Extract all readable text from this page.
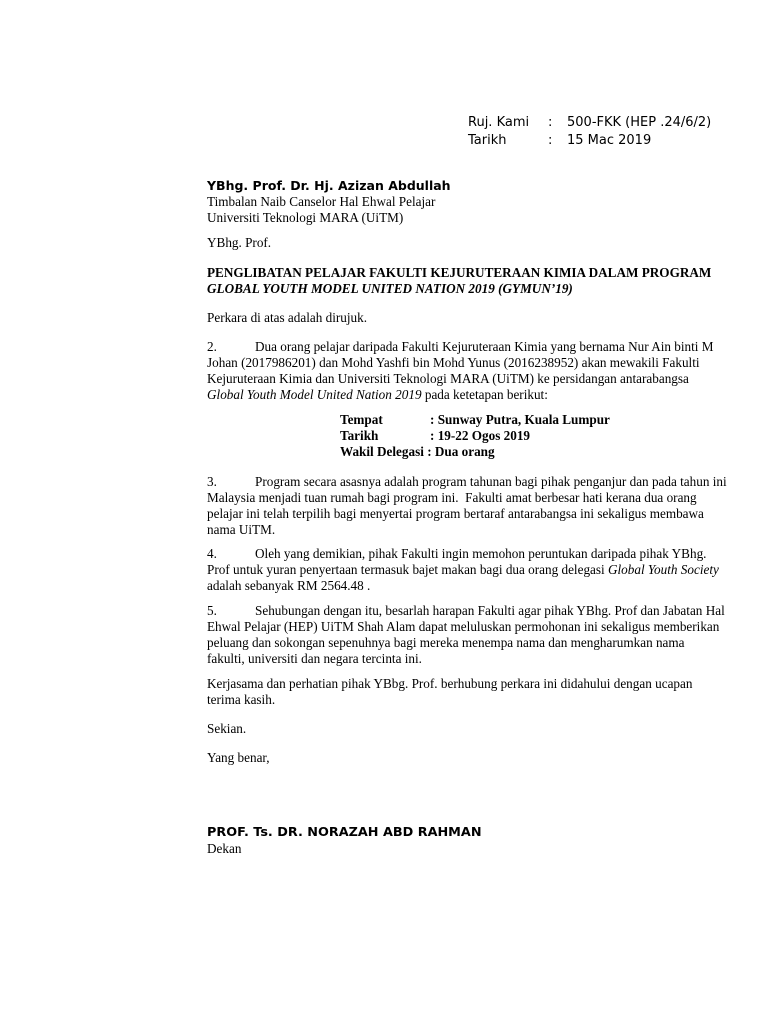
Ruj. Kami	:	500-FKK (HEP .24/6/2)
Tarikh	:	15 Mac 2019
YBhg. Prof. Dr. Hj. Azizan Abdullah
Timbalan Naib Canselor Hal Ehwal Pelajar
Universiti Teknologi MARA (UiTM)
YBhg. Prof.
PENGLIBATAN PELAJAR FAKULTI KEJURUTERAAN KIMIA DALAM PROGRAM
GLOBAL YOUTH MODEL UNITED NATION 2019 (GYMUN’19)
Perkara di atas adalah dirujuk.
2.	Dua orang pelajar daripada Fakulti Kejuruteraan Kimia yang bernama Nur Ain binti M
Johan (2017986201) dan Mohd Yashfi bin Mohd Yunus (2016238952) akan mewakili Fakulti
Kejuruteraan Kimia dan Universiti Teknologi MARA (UiTM) ke persidangan antarabangsa
Global Youth Model United Nation 2019 pada ketetapan berikut:
Tempat	: Sunway Putra, Kuala Lumpur
Tarikh	: 19-22 Ogos 2019
Wakil Delegasi : Dua orang
3.	Program secara asasnya adalah program tahunan bagi pihak penganjur dan pada tahun ini
Malaysia menjadi tuan rumah bagi program ini.  Fakulti amat berbesar hati kerana dua orang
pelajar ini telah terpilih bagi menyertai program bertaraf antarabangsa ini sekaligus membawa
nama UiTM.
4.	Oleh yang demikian, pihak Fakulti ingin memohon peruntukan daripada pihak YBhg.
Prof untuk yuran penyertaan termasuk bajet makan bagi dua orang delegasi Global Youth Society
adalah sebanyak RM 2564.48 .
5.	Sehubungan dengan itu, besarlah harapan Fakulti agar pihak YBhg. Prof dan Jabatan Hal
Ehwal Pelajar (HEP) UiTM Shah Alam dapat meluluskan permohonan ini sekaligus memberikan
peluang dan sokongan sepenuhnya bagi mereka menempa nama dan mengharumkan nama
fakulti, universiti dan negara tercinta ini.
Kerjasama dan perhatian pihak YBbg. Prof. berhubung perkara ini didahului dengan ucapan
terima kasih.
Sekian.
Yang benar,
PROF. Ts. DR. NORAZAH ABD RAHMAN
Dekan
